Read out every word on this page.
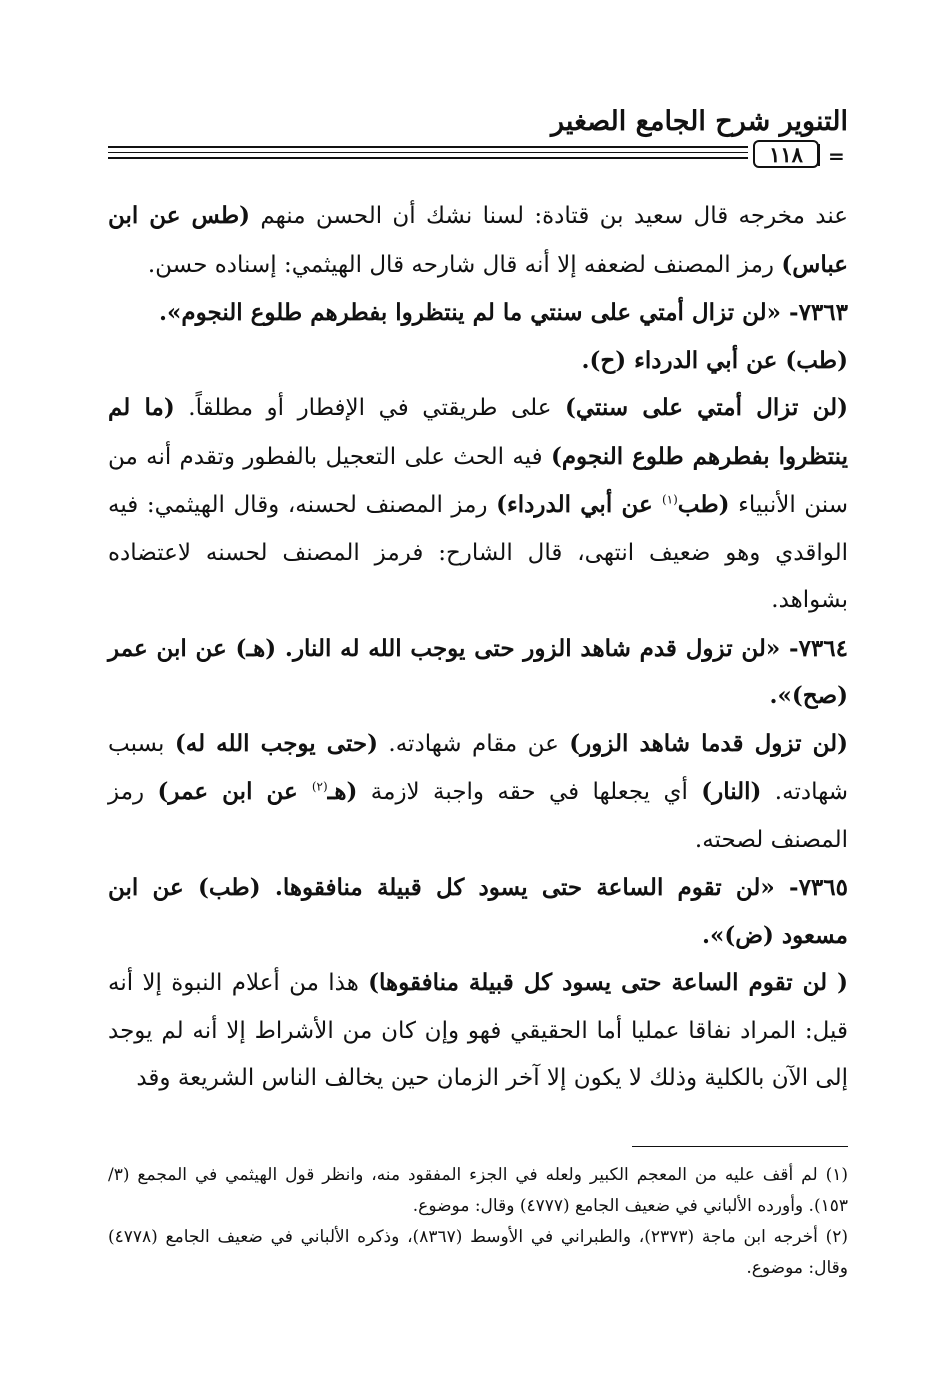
التنوير شرح الجامع الصغير
١١٨	=

عند مخرجه قال سعيد بن قتادة: لسنا نشك أن الحسن منهم (طس عن ابن عباس) رمز المصنف لضعفه إلا أنه قال شارحه قال الهيثمي: إسناده حسن.

٧٣٦٣- «لن تزال أمتي على سنتي ما لم ينتظروا بفطرهم طلوع النجوم».

(طب) عن أبي الدرداء (ح).

(لن تزال أمتي على سنتي) على طريقتي في الإفطار أو مطلقاً. (ما لم ينتظروا بفطرهم طلوع النجوم) فيه الحث على التعجيل بالفطور وتقدم أنه من سنن الأنبياء (طب$^{(١)}$ عن أبي الدرداء) رمز المصنف لحسنه، وقال الهيثمي: فيه الواقدي وهو ضعيف انتهى، قال الشارح: فرمز المصنف لحسنه لاعتضاده بشواهد.

٧٣٦٤- «لن تزول قدم شاهد الزور حتى يوجب الله له النار. (هـ) عن ابن عمر (صح)».

(لن تزول قدما شاهد الزور) عن مقام شهادته. (حتى يوجب الله له) بسبب شهادته. (النار) أي يجعلها في حقه واجبة لازمة (هـ$^{(٢)}$ عن ابن عمر) رمز المصنف لصحته.

٧٣٦٥- «لن تقوم الساعة حتى يسود كل قبيلة منافقوها. (طب) عن ابن مسعود (ض)».

( لن تقوم الساعة حتى يسود كل قبيلة منافقوها) هذا من أعلام النبوة إلا أنه قيل: المراد نفاقا عمليا أما الحقيقي فهو وإن كان من الأشراط إلا أنه لم يوجد إلى الآن بالكلية وذلك لا يكون إلا آخر الزمان حين يخالف الناس الشريعة وقد

(١) لم أقف عليه من المعجم الكبير ولعله في الجزء المفقود منه، وانظر قول الهيثمي في المجمع (٣/ ١٥٣). وأورده الألباني في ضعيف الجامع (٤٧٧٧) وقال: موضوع.

(٢) أخرجه ابن ماجة (٢٣٧٣)، والطبراني في الأوسط (٨٣٦٧)، وذكره الألباني في ضعيف الجامع (٤٧٧٨) وقال: موضوع.
